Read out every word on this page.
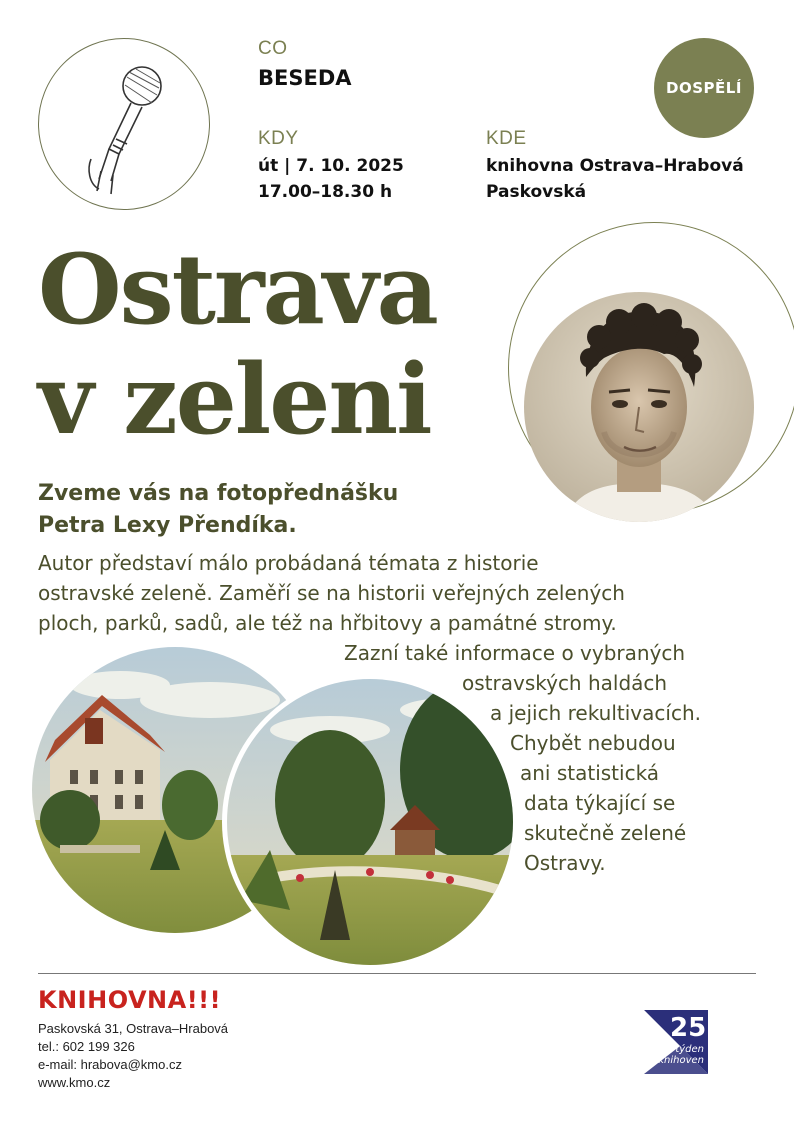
CO
BESEDA
KDY
út | 7. 10. 2025
17.00–18.30 h
KDE
knihovna Ostrava–Hrabová
Paskovská
DOSPĚLÍ
Ostrava
v zeleni
Zveme vás na fotopřednášku
Petra Lexy Přendíka.
Autor představí málo probádaná témata z historie
ostravské zeleně. Zaměří se na historii veřejných zelených
ploch, parků, sadů, ale též na hřbitovy a památné stromy.
Zazní také informace o vybraných
ostravských haldách
a jejich rekultivacích.
Chybět nebudou
ani statistická
data týkající se
skutečně zelené
Ostravy.
KNIHOVNA!!!
Paskovská 31, Ostrava–Hrabová
tel.: 602 199 326
e-mail: hrabova@kmo.cz
www.kmo.cz
25
týden
knihoven
